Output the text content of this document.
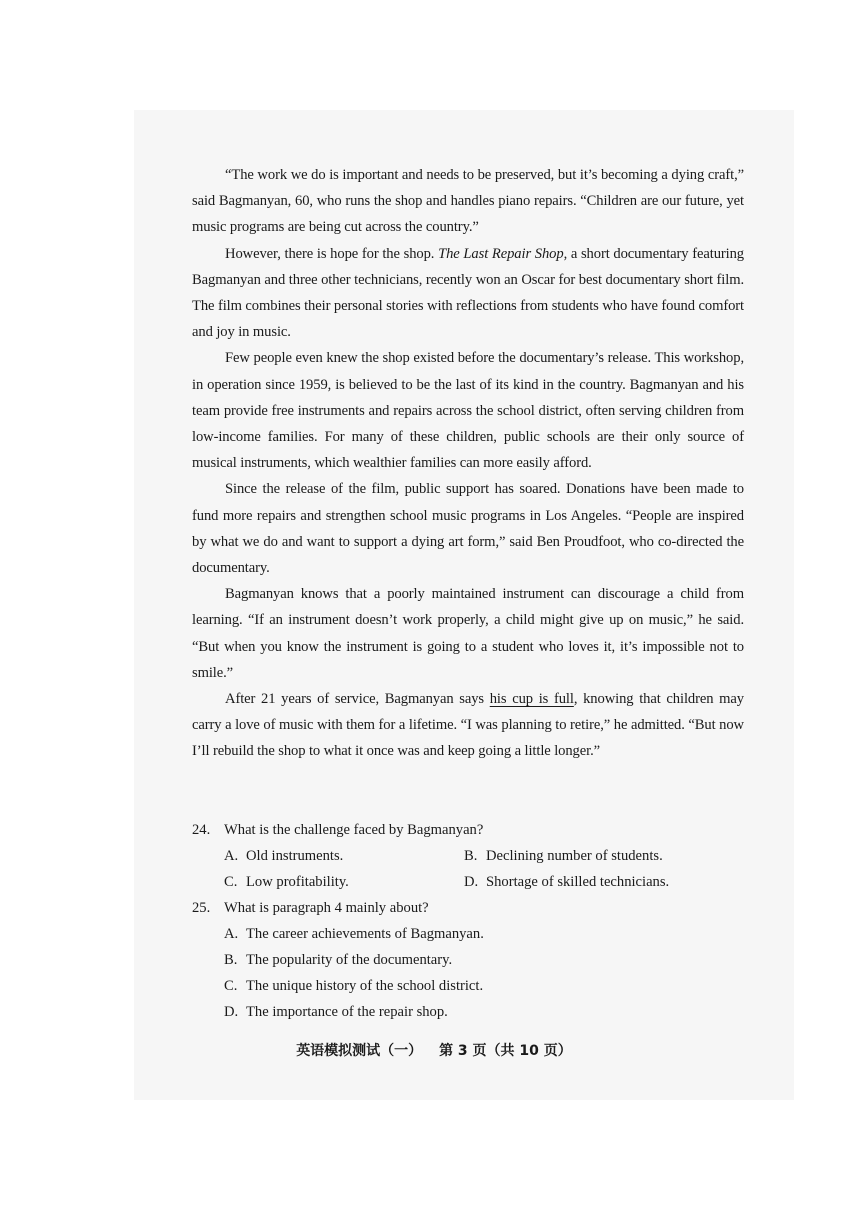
“The work we do is important and needs to be preserved, but it’s becoming a dying craft,” said Bagmanyan, 60, who runs the shop and handles piano repairs. “Children are our future, yet music programs are being cut across the country.”

However, there is hope for the shop. The Last Repair Shop, a short documentary featuring Bagmanyan and three other technicians, recently won an Oscar for best documentary short film. The film combines their personal stories with reflections from students who have found comfort and joy in music.

Few people even knew the shop existed before the documentary’s release. This workshop, in operation since 1959, is believed to be the last of its kind in the country. Bagmanyan and his team provide free instruments and repairs across the school district, often serving children from low-income families. For many of these children, public schools are their only source of musical instruments, which wealthier families can more easily afford.

Since the release of the film, public support has soared. Donations have been made to fund more repairs and strengthen school music programs in Los Angeles. “People are inspired by what we do and want to support a dying art form,” said Ben Proudfoot, who co-directed the documentary.

Bagmanyan knows that a poorly maintained instrument can discourage a child from learning. “If an instrument doesn’t work properly, a child might give up on music,” he said. “But when you know the instrument is going to a student who loves it, it’s impossible not to smile.”

After 21 years of service, Bagmanyan says his cup is full, knowing that children may carry a love of music with them for a lifetime. “I was planning to retire,” he admitted. “But now I’ll rebuild the shop to what it once was and keep going a little longer.”

24. What is the challenge faced by Bagmanyan?
A. Old instruments.	B. Declining number of students.
C. Low profitability.	D. Shortage of skilled technicians.
25. What is paragraph 4 mainly about?
A. The career achievements of Bagmanyan.
B. The popularity of the documentary.
C. The unique history of the school district.
D. The importance of the repair shop.
英语模拟测试（一） 第 3 页（共 10 页）
